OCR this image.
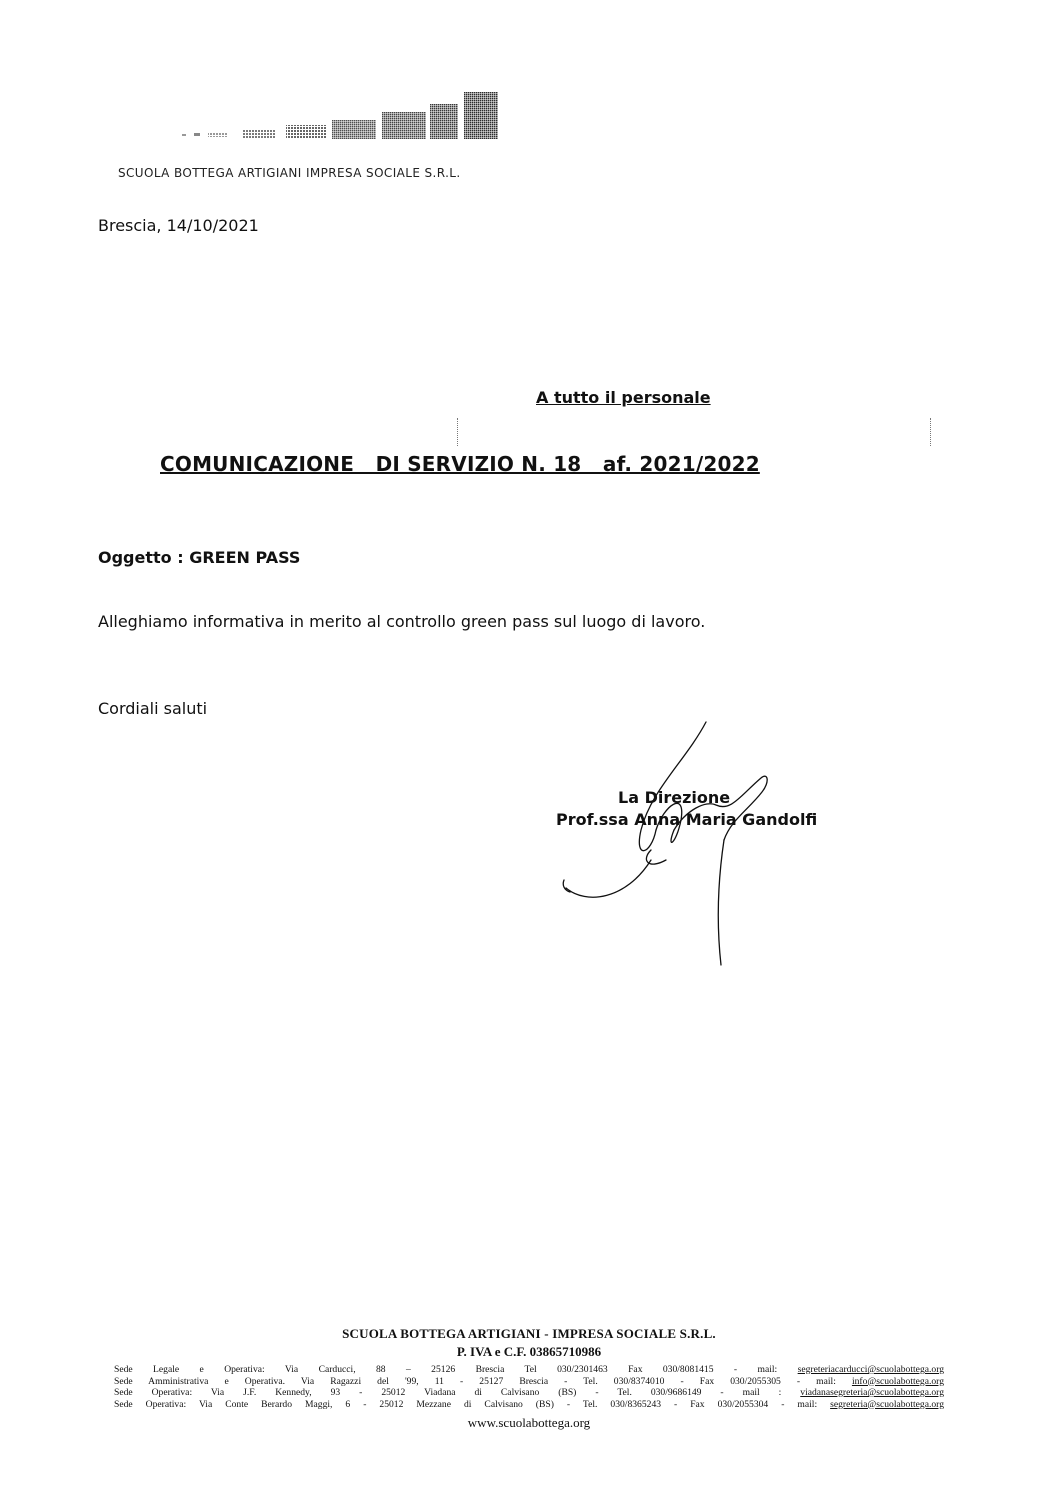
SCUOLA BOTTEGA ARTIGIANI IMPRESA SOCIALE S.R.L.
Brescia, 14/10/2021
A tutto il personale
COMUNICAZIONE   DI SERVIZIO N. 18   af. 2021/2022
Oggetto : GREEN PASS
Alleghiamo informativa in merito al controllo green pass sul luogo di lavoro.
Cordiali saluti
La Direzione
Prof.ssa Anna Maria Gandolfi
SCUOLA BOTTEGA ARTIGIANI - IMPRESA SOCIALE S.R.L.
P. IVA e C.F. 03865710986
Sede Legale e Operativa: Via Carducci, 88 – 25126 Brescia Tel 030/2301463 Fax 030/8081415 - mail: segreteriacarducci@scuolabottega.org
Sede Amministrativa e Operativa. Via Ragazzi del '99, 11 - 25127 Brescia - Tel. 030/8374010 - Fax 030/2055305 - mail: info@scuolabottega.org
Sede Operativa: Via J.F. Kennedy, 93 - 25012 Viadana di Calvisano (BS) - Tel. 030/9686149 - mail : viadanasegreteria@scuolabottega.org
Sede Operativa: Via Conte Berardo Maggi, 6 - 25012 Mezzane di Calvisano (BS) - Tel. 030/8365243 - Fax 030/2055304 - mail: segreteria@scuolabottega.org
www.scuolabottega.org
